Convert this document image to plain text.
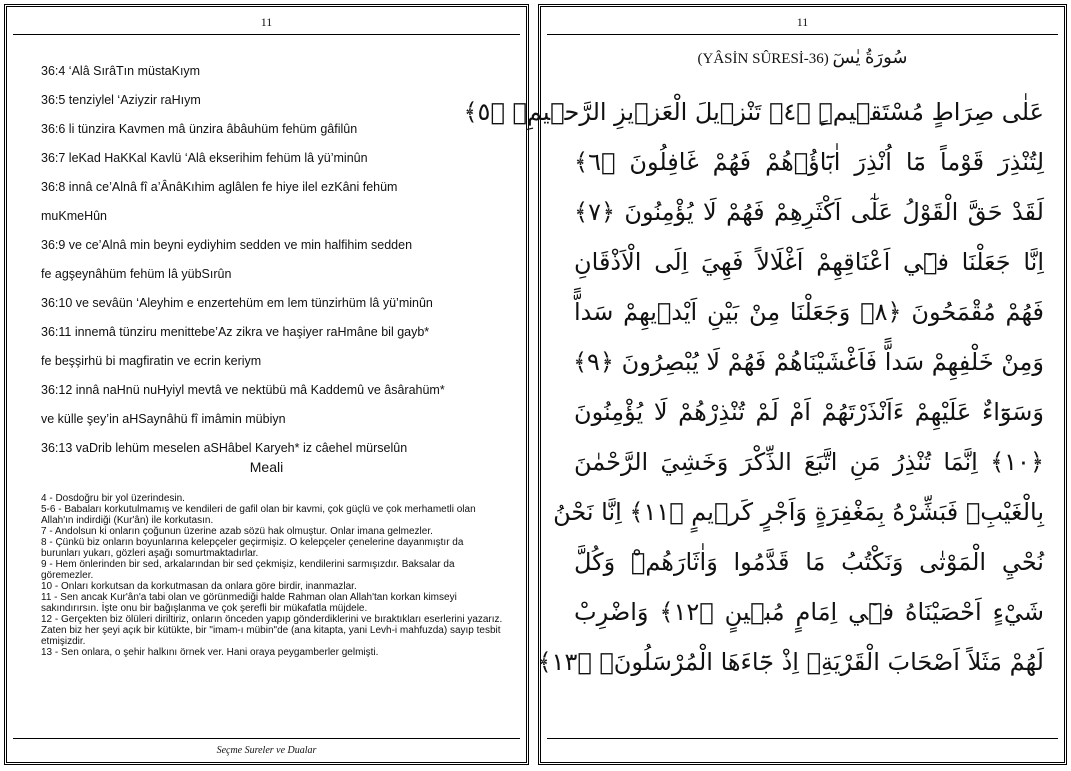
11
36:4 ‘Alâ SırâTın müstaKıym
36:5 tenziylel ‘Aziyzir raHıym
36:6 li tünzira Kavmen mâ ünzira âbâuhüm fehüm gâfilûn
36:7 leKad HaKKal Kavlü ‘Alâ ekserihim fehüm lâ yü’minûn
36:8 innâ ce’Alnâ fî a’ÂnâKıhim aglâlen fe hiye ilel ezKâni fehüm
muKmeHûn
36:9 ve ce’Alnâ min beyni eydiyhim sedden ve min halfihim sedden
fe agşeynâhüm fehüm lâ yübSırûn
36:10 ve sevâün ‘Aleyhim e enzertehüm em lem tünzirhüm lâ yü’minûn
36:11 innemâ tünziru menittebe’Az zikra ve haşiyer raHmâne bil gayb*
fe beşşirhü bi magfiratin ve ecrin keriym
36:12 innâ naHnü nuHyiyl mevtâ ve nektübü mâ Kaddemû ve âsârahüm*
ve külle şey’in aHSaynâhü fî imâmin mübiyn
36:13 vaDrib lehüm meselen aSHâbel Karyeh* iz câehel mürselûn
Meali
4 - Dosdoğru bir yol üzerindesin.
5-6 - Babaları korkutulmamış ve kendileri de gafil olan bir kavmi, çok güçlü ve çok merhametli olan Allah'ın indirdiği (Kur'ân) ile korkutasın.
7 - Andolsun ki onların çoğunun üzerine azab sözü hak olmuştur. Onlar imana gelmezler.
8 - Çünkü biz onların boyunlarına kelepçeler geçirmişiz. O kelepçeler çenelerine dayanmıştır da burunları yukarı, gözleri aşağı somurtmaktadırlar.
9 - Hem önlerinden bir sed, arkalarından bir sed çekmişiz, kendilerini sarmışızdır. Baksalar da göremezler.
10 - Onları korkutsan da korkutmasan da onlara göre birdir, inanmazlar.
11 - Sen ancak Kur'ân'a tabi olan ve görünmediği halde Rahman olan Allah'tan korkan kimseyi sakındırırsın. İşte onu bir bağışlanma ve çok şerefli bir mükafatla müjdele.
12 - Gerçekten biz ölüleri diriltiriz, onların önceden yapıp gönderdiklerini ve bıraktıkları eserlerini yazarız. Zaten biz her şeyi açık bir kütükte, bir "imam-ı mübin"de (ana kitapta, yani Levh-i mahfuzda) sayıp tesbit etmişizdir.
13 - Sen onlara, o şehir halkını örnek ver. Hani oraya peygamberler gelmişti.
Seçme Sureler ve Dualar
11
(YÂSİN SÛRESİ-36) سُورَةُ يٰسٓ
عَلٰى صِرَاطٍ مُسْتَقٖيمٍۜ ﴿٤﴾ تَنْزٖيلَ الْعَزٖيزِ الرَّحٖيمِۙ ﴿٥﴾
لِتُنْذِرَ قَوْماً مَٓا اُنْذِرَ اٰبَٓاؤُ۬هُمْ فَهُمْ غَافِلُونَ ﴿٦﴾
لَقَدْ حَقَّ الْقَوْلُ عَلٰٓى اَكْثَرِهِمْ فَهُمْ لَا يُؤْمِنُونَ ﴿٧﴾
اِنَّا جَعَلْنَا فٖٓي اَعْنَاقِهِمْ اَغْلَالاً فَهِيَ اِلَى الْاَذْقَانِ
فَهُمْ مُقْمَحُونَ ﴿٨﴾ وَجَعَلْنَا مِنْ بَيْنِ اَيْدٖيهِمْ سَداًّ
وَمِنْ خَلْفِهِمْ سَداًّ فَاَغْشَيْنَاهُمْ فَهُمْ لَا يُبْصِرُونَ ﴿٩﴾
وَسَوَٓاءٌ عَلَيْهِمْ ءَاَنْذَرْتَهُمْ اَمْ لَمْ تُنْذِرْهُمْ لَا يُؤْمِنُونَ
﴿١٠﴾ اِنَّمَا تُنْذِرُ مَنِ اتَّبَعَ الذِّكْرَ وَخَشِيَ الرَّحْمٰنَ
بِالْغَيْبِۚ فَبَشِّرْهُ بِمَغْفِرَةٍ وَاَجْرٍ كَرٖيمٍ ﴿١١﴾ اِنَّا نَحْنُ
نُحْيِ الْمَوْتٰى وَنَكْتُبُ مَا قَدَّمُوا وَاٰثَارَهُمْۜ وَكُلَّ
شَيْءٍ اَحْصَيْنَاهُ فٖٓي اِمَامٍ مُبٖينٍ ﴿١٢﴾ وَاضْرِبْ
لَهُمْ مَثَلاً اَصْحَابَ الْقَرْيَةِۢ اِذْ جَٓاءَهَا الْمُرْسَلُونَۚ ﴿١٣﴾
